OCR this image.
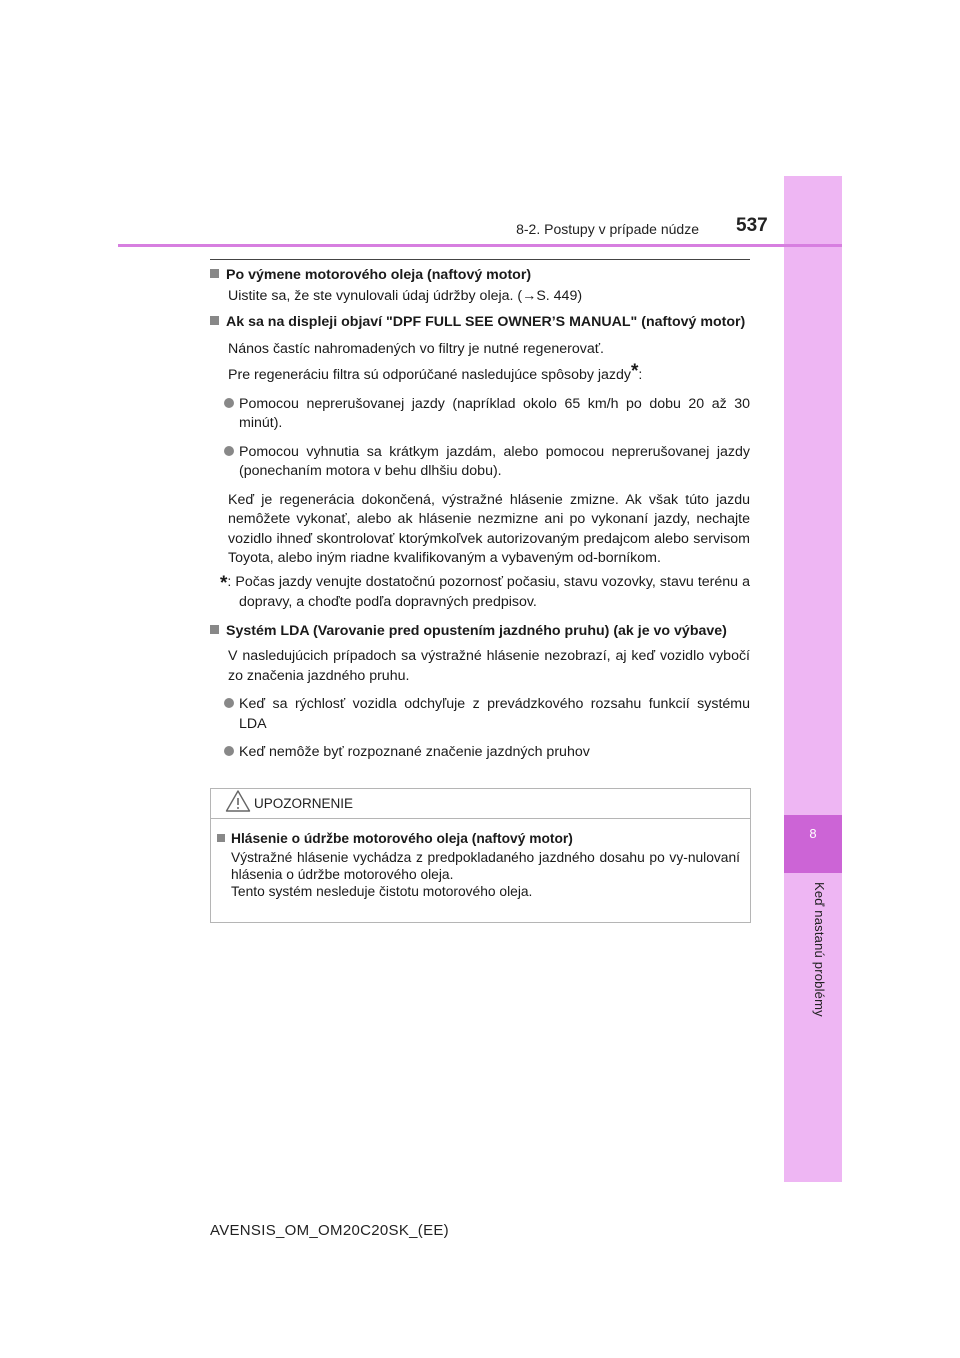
8
Keď nastanú problémy
8-2. Postupy v prípade núdze 537

Po výmene motorového oleja (naftový motor)

Uistite sa, že ste vynulovali údaj údržby oleja. (→S. 449)

Ak sa na displeji objaví "DPF FULL SEE OWNER’S MANUAL" (naftový motor)

Nános častíc nahromadených vo filtry je nutné regenerovať.

Pre regeneráciu filtra sú odporúčané nasledujúce spôsoby jazdy*:

Pomocou neprerušovanej jazdy (napríklad okolo 65 km/h po dobu 20 až 30 minút).

Pomocou vyhnutia sa krátkym jazdám, alebo pomocou neprerušovanej jazdy (ponechaním motora v behu dlhšiu dobu).

Keď je regenerácia dokončená, výstražné hlásenie zmizne. Ak však túto jazdu nemôžete vykonať, alebo ak hlásenie nezmizne ani po vykonaní jazdy, nechajte vozidlo ihneď skontrolovať ktorýmkoľvek autorizovaným predajcom alebo servisom Toyota, alebo iným riadne kvalifikovaným a vybaveným od-borníkom.

*: Počas jazdy venujte dostatočnú pozornosť počasiu, stavu vozovky, stavu terénu a dopravy, a choďte podľa dopravných predpisov.

Systém LDA (Varovanie pred opustením jazdného pruhu) (ak je vo výbave)

V nasledujúcich prípadoch sa výstražné hlásenie nezobrazí, aj keď vozidlo vybočí zo značenia jazdného pruhu.

Keď sa rýchlosť vozidla odchyľuje z prevádzkového rozsahu funkcií systému LDA

Keď nemôže byť rozpoznané značenie jazdných pruhov

UPOZORNENIE

Hlásenie o údržbe motorového oleja (naftový motor)

Výstražné hlásenie vychádza z predpokladaného jazdného dosahu po vy-nulovaní hlásenia o údržbe motorového oleja.

Tento systém nesleduje čistotu motorového oleja.

AVENSIS_OM_OM20C20SK_(EE)
